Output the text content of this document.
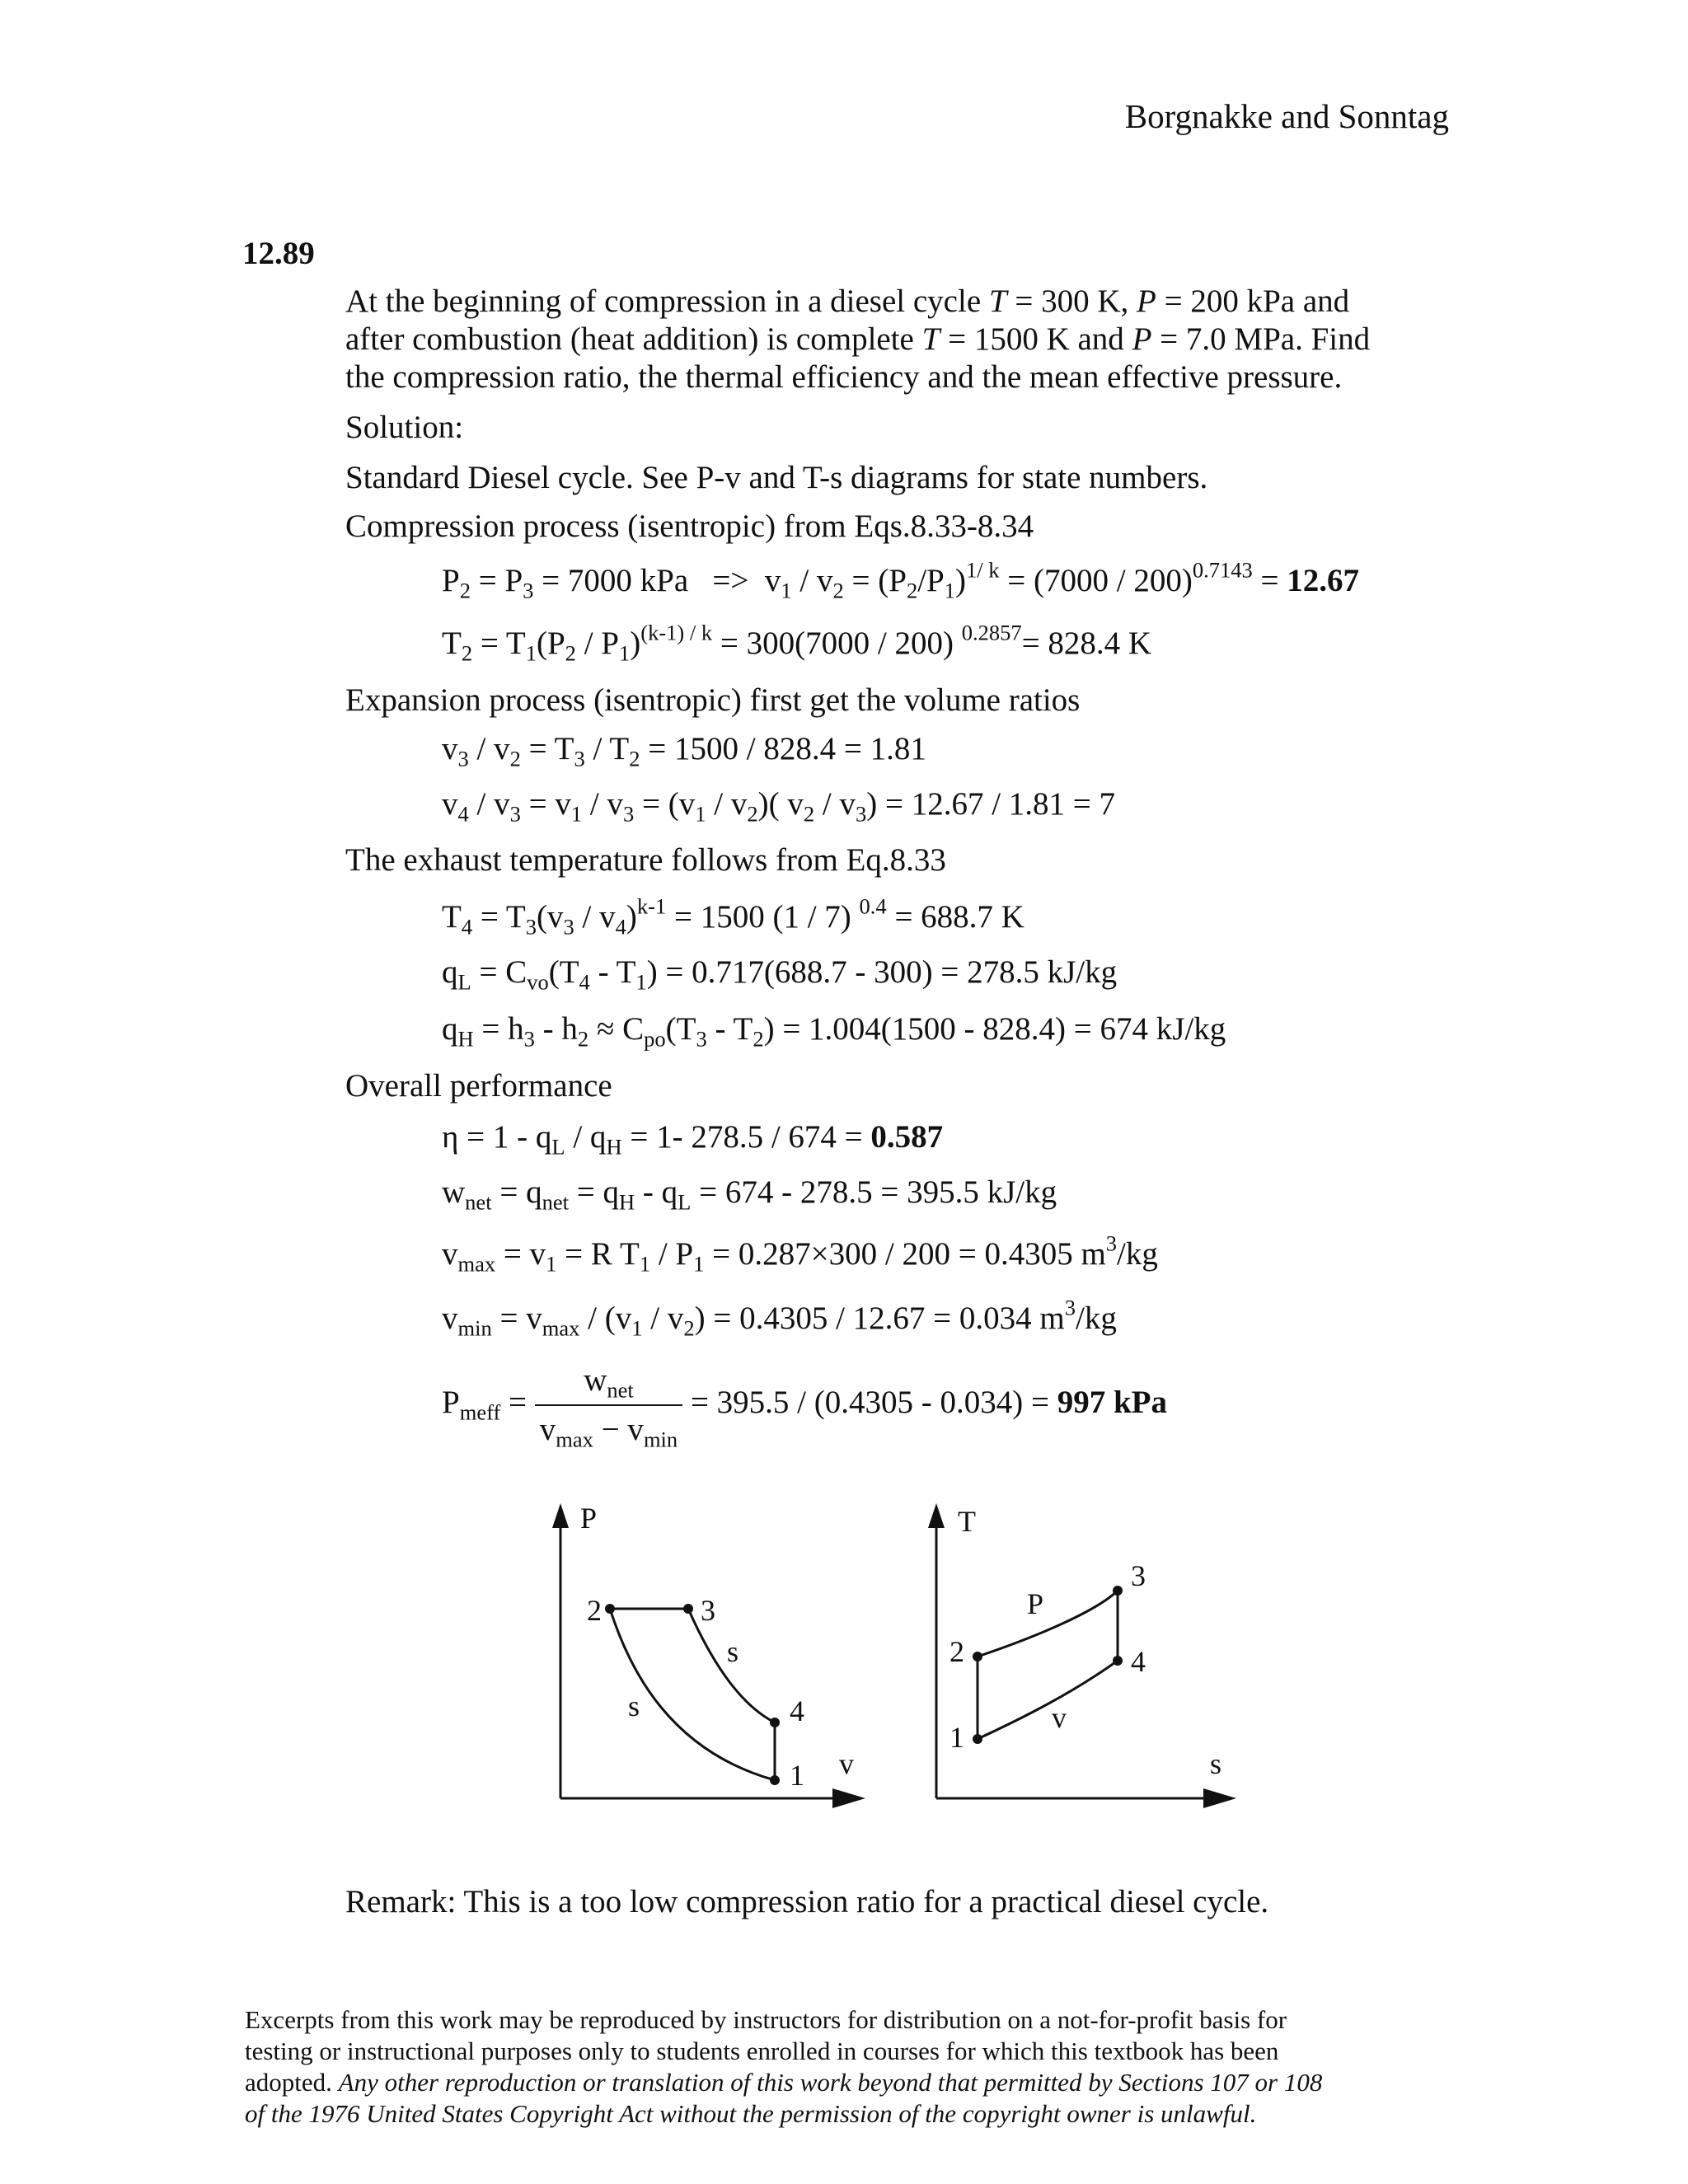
Borgnakke and Sonntag
12.89
At the beginning of compression in a diesel cycle T = 300 K, P = 200 kPa and
after combustion (heat addition) is complete T = 1500 K and P = 7.0 MPa. Find
the compression ratio, the thermal efficiency and the mean effective pressure.
Solution:
Standard Diesel cycle. See P-v and T-s diagrams for state numbers.
Compression process (isentropic) from Eqs.8.33-8.34
$P_2 = P_3 = 7000$ kPa   =>  $v_1 / v_2 = (P_2/P_1)^{1/ k} = (7000 / 200)^{0.7143} = 12.67$
$T_2 = T_1(P_2 / P_1)^{(k-1) / k} = 300(7000 / 200)$ $^{0.2857}$= 828.4 K
Expansion process (isentropic) first get the volume ratios
$v_3 / v_2 = T_3 / T_2 = 1500 / 828.4 = 1.81$
$v_4 / v_3 = v_1 / v_3 = (v_1 / v_2)$( $v_2 / v_3) = 12.67 / 1.81 = 7$
The exhaust temperature follows from Eq.8.33
$T_4 = T_3(v_3 / v_4)^{k-1} = 1500$ (1 / 7) $^{0.4}$ = 688.7 K
$q_L = C_{vo}(T_4 - T_1) = 0.717(688.7 - 300) = 278.5$ kJ/kg
$q_H = h_3 - h_2 \approx C_{po}(T_3 - T_2) = 1.004(1500 - 828.4) = 674$ kJ/kg
Overall performance
$\eta = 1 - q_L / q_H = 1-$ 278.5 / 674 = 0.587
$w_{net} = q_{net} = q_H - q_L = 674 - 278.5 = 395.5$ kJ/kg
$v_{max} = v_1 = R$ $T_1 / P_1 = 0.287\times 300 / 200 = 0.4305$ $m^3/kg$
$v_{min} = v_{max} / (v_1 / v_2) = 0.4305 / 12.67 = 0.034$ $m^3/kg$
$P_{meff} = \frac{w_{net}}{v_{max} - v_{min}} = 395.5 / (0.4305 - 0.034) = 997$ kPa
P
v
2	3
4
1
s
s
T
s
1
2
3
4
P
v
Remark: This is a too low compression ratio for a practical diesel cycle.
Excerpts from this work may be reproduced by instructors for distribution on a not-for-profit basis for
testing or instructional purposes only to students enrolled in courses for which this textbook has been
adopted. Any other reproduction or translation of this work beyond that permitted by Sections 107 or 108
of the 1976 United States Copyright Act without the permission of the copyright owner is unlawful.
